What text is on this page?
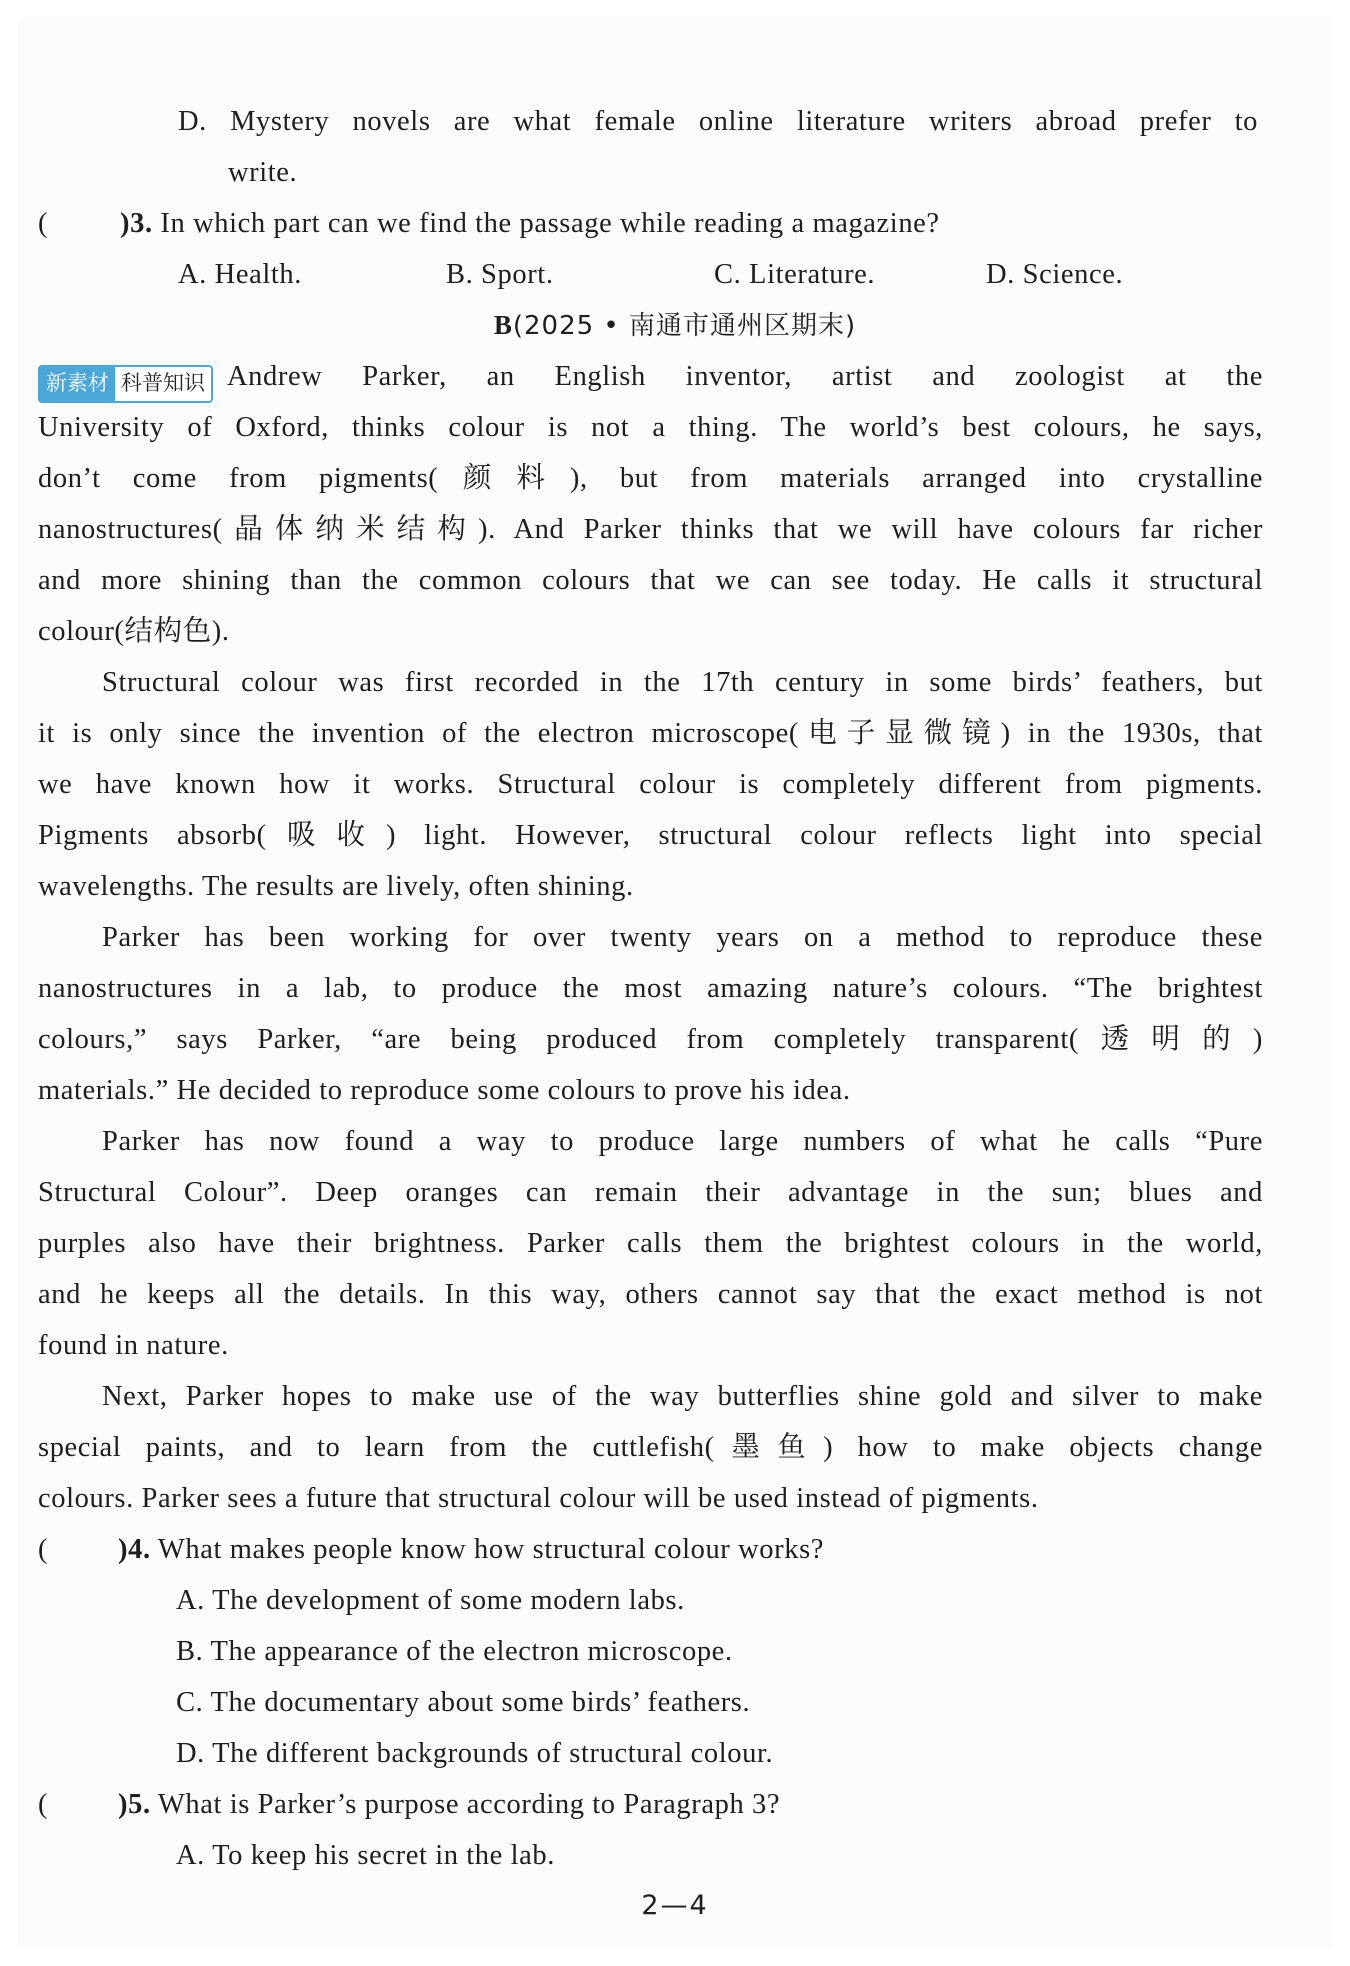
D. Mystery novels are what female online literature writers abroad prefer to
write.
(	)3. In which part can we find the passage while reading a magazine?
A. Health.	B. Sport.	C. Literature.	D. Science.
B(2025 • 南通市通州区期末)
新素材 科普知识 Andrew Parker, an English inventor, artist and zoologist at the
University of Oxford, thinks colour is not a thing. The world’s best colours, he says,
don’t come from pigments(颜料), but from materials arranged into crystalline
nanostructures(晶体纳米结构). And Parker thinks that we will have colours far richer
and more shining than the common colours that we can see today. He calls it structural
colour(结构色).
Structural colour was first recorded in the 17th century in some birds’ feathers, but
it is only since the invention of the electron microscope(电子显微镜) in the 1930s, that
we have known how it works. Structural colour is completely different from pigments.
Pigments absorb(吸收) light. However, structural colour reflects light into special
wavelengths. The results are lively, often shining.
Parker has been working for over twenty years on a method to reproduce these
nanostructures in a lab, to produce the most amazing nature’s colours. “The brightest
colours,” says Parker, “are being produced from completely transparent(透明的)
materials.” He decided to reproduce some colours to prove his idea.
Parker has now found a way to produce large numbers of what he calls “Pure
Structural Colour”. Deep oranges can remain their advantage in the sun; blues and
purples also have their brightness. Parker calls them the brightest colours in the world,
and he keeps all the details. In this way, others cannot say that the exact method is not
found in nature.
Next, Parker hopes to make use of the way butterflies shine gold and silver to make
special paints, and to learn from the cuttlefish(墨鱼) how to make objects change
colours. Parker sees a future that structural colour will be used instead of pigments.
( )4. What makes people know how structural colour works?
A. The development of some modern labs.
B. The appearance of the electron microscope.
C. The documentary about some birds’ feathers.
D. The different backgrounds of structural colour.
( )5. What is Parker’s purpose according to Paragraph 3?
A. To keep his secret in the lab.
2—4
